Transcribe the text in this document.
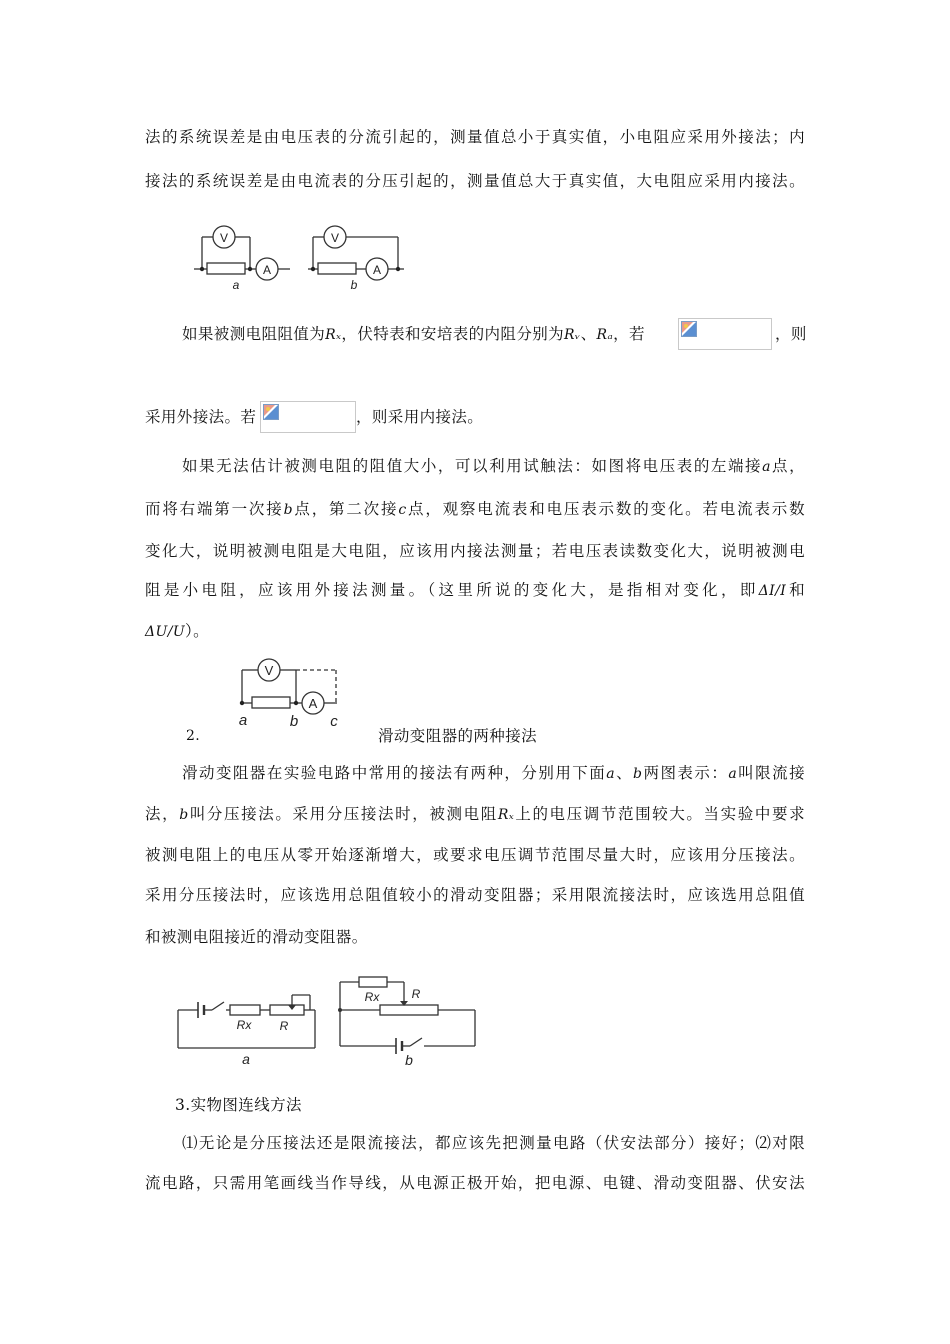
法的系统误差是由电压表的分流引起的，测量值总小于真实值，小电阻应采用外接法；内
接法的系统误差是由电流表的分压引起的，测量值总大于真实值，大电阻应采用内接法。
V
A
V
A
a	b
如果被测电阻阻值为Rₓ，伏特表和安培表的内阻分别为Rᵥ、Rₐ，若	，则
采用外接法。若	，则采用内接法。
如果无法估计被测电阻的阻值大小，可以利用试触法：如图将电压表的左端接a点，
而将右端第一次接b点，第二次接c点，观察电流表和电压表示数的变化。若电流表示数
变化大，说明被测电阻是大电阻，应该用内接法测量；若电压表读数变化大，说明被测电
阻是小电阻，应该用外接法测量。（这里所说的变化大，是指相对变化，即ΔI/I和
ΔU/U）。
V
A
a	b c
2.	滑动变阻器的两种接法
滑动变阻器在实验电路中常用的接法有两种，分别用下面a、b两图表示：a叫限流接
法，b叫分压接法。采用分压接法时，被测电阻Rₓ上的电压调节范围较大。当实验中要求
被测电阻上的电压从零开始逐渐增大，或要求电压调节范围尽量大时，应该用分压接法。
采用分压接法时，应该选用总阻值较小的滑动变阻器；采用限流接法时，应该选用总阻值
和被测电阻接近的滑动变阻器。
Rx R
a
Rx	R
b
3.实物图连线方法
⑴无论是分压接法还是限流接法，都应该先把测量电路（伏安法部分）接好；⑵对限
流电路，只需用笔画线当作导线，从电源正极开始，把电源、电键、滑动变阻器、伏安法
